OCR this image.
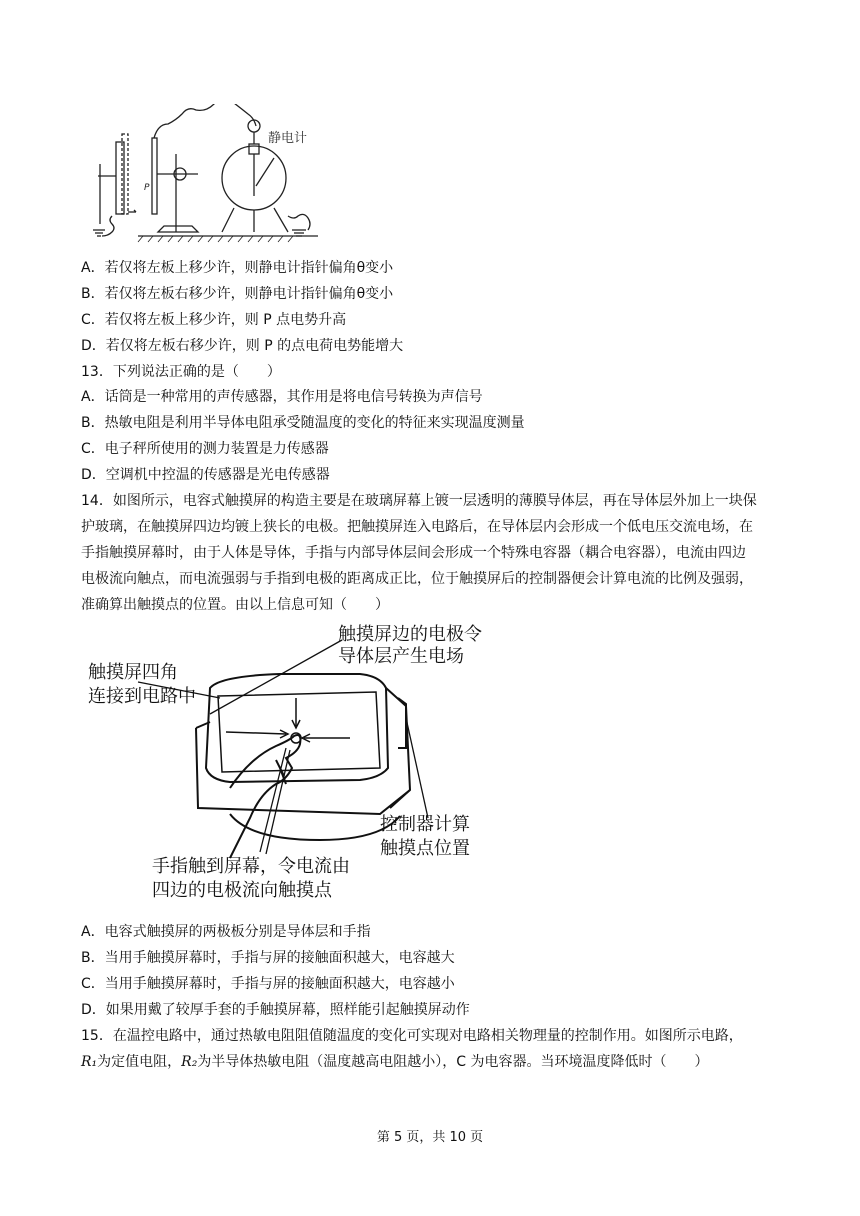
P
静电计
A．若仅将左板上移少许，则静电计指针偏角θ变小
B．若仅将左板右移少许，则静电计指针偏角θ变小
C．若仅将左板上移少许，则 P 点电势升高
D．若仅将左板右移少许，则 P 的点电荷电势能增大
13．下列说法正确的是（　　）
A．话筒是一种常用的声传感器，其作用是将电信号转换为声信号
B．热敏电阻是利用半导体电阻承受随温度的变化的特征来实现温度测量
C．电子秤所使用的测力装置是力传感器
D．空调机中控温的传感器是光电传感器
14．如图所示，电容式触摸屏的构造主要是在玻璃屏幕上镀一层透明的薄膜导体层，再在导体层外加上一块保
护玻璃，在触摸屏四边均镀上狭长的电极。把触摸屏连入电路后，在导体层内会形成一个低电压交流电场，在
手指触摸屏幕时，由于人体是导体，手指与内部导体层间会形成一个特殊电容器（耦合电容器），电流由四边
电极流向触点，而电流强弱与手指到电极的距离成正比，位于触摸屏后的控制器便会计算电流的比例及强弱，
准确算出触摸点的位置。由以上信息可知（　　）
触摸屏边的电极令
导体层产生电场
触摸屏四角
连接到电路中
控制器计算
触摸点位置
手指触到屏幕，令电流由
四边的电极流向触摸点
A．电容式触摸屏的两极板分别是导体层和手指
B．当用手触摸屏幕时，手指与屏的接触面积越大，电容越大
C．当用手触摸屏幕时，手指与屏的接触面积越大，电容越小
D．如果用戴了较厚手套的手触摸屏幕，照样能引起触摸屏动作
15．在温控电路中，通过热敏电阻阻值随温度的变化可实现对电路相关物理量的控制作用。如图所示电路，
R₁为定值电阻，R₂为半导体热敏电阻（温度越高电阻越小），C 为电容器。当环境温度降低时（　　）
第 5 页，共 10 页
